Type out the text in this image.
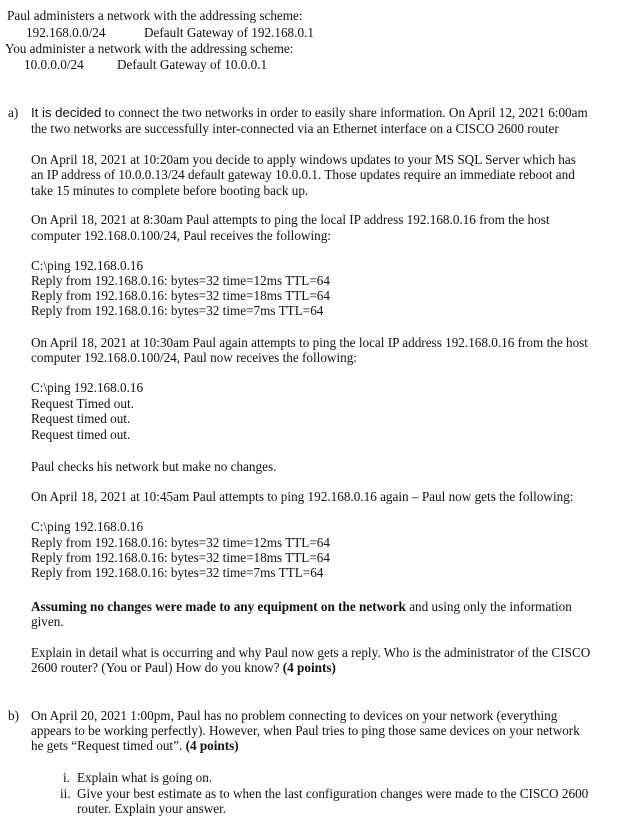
Paul administers a network with the addressing scheme:
192.168.0.0/24	Default Gateway of 192.168.0.1
You administer a network with the addressing scheme:
10.0.0.0/24	Default Gateway of 10.0.0.1
a) It is decided to connect the two networks in order to easily share information. On April 12, 2021 6:00am
the two networks are successfully inter-connected via an Ethernet interface on a CISCO 2600 router
On April 18, 2021 at 10:20am you decide to apply windows updates to your MS SQL Server which has
an IP address of 10.0.0.13/24 default gateway 10.0.0.1. Those updates require an immediate reboot and
take 15 minutes to complete before booting back up.
On April 18, 2021 at 8:30am Paul attempts to ping the local IP address 192.168.0.16 from the host
computer 192.168.0.100/24, Paul receives the following:
C:\ping 192.168.0.16
Reply from 192.168.0.16: bytes=32 time=12ms TTL=64
Reply from 192.168.0.16: bytes=32 time=18ms TTL=64
Reply from 192.168.0.16: bytes=32 time=7ms TTL=64
On April 18, 2021 at 10:30am Paul again attempts to ping the local IP address 192.168.0.16 from the host
computer 192.168.0.100/24, Paul now receives the following:
C:\ping 192.168.0.16
Request Timed out.
Request timed out.
Request timed out.
Paul checks his network but make no changes.
On April 18, 2021 at 10:45am Paul attempts to ping 192.168.0.16 again – Paul now gets the following:
C:\ping 192.168.0.16
Reply from 192.168.0.16: bytes=32 time=12ms TTL=64
Reply from 192.168.0.16: bytes=32 time=18ms TTL=64
Reply from 192.168.0.16: bytes=32 time=7ms TTL=64
Assuming no changes were made to any equipment on the network and using only the information
given.
Explain in detail what is occurring and why Paul now gets a reply. Who is the administrator of the CISCO
2600 router? (You or Paul) How do you know? (4 points)
b) On April 20, 2021 1:00pm, Paul has no problem connecting to devices on your network (everything
appears to be working perfectly). However, when Paul tries to ping those same devices on your network
he gets “Request timed out”. (4 points)
i. Explain what is going on.
ii. Give your best estimate as to when the last configuration changes were made to the CISCO 2600
router. Explain your answer.
